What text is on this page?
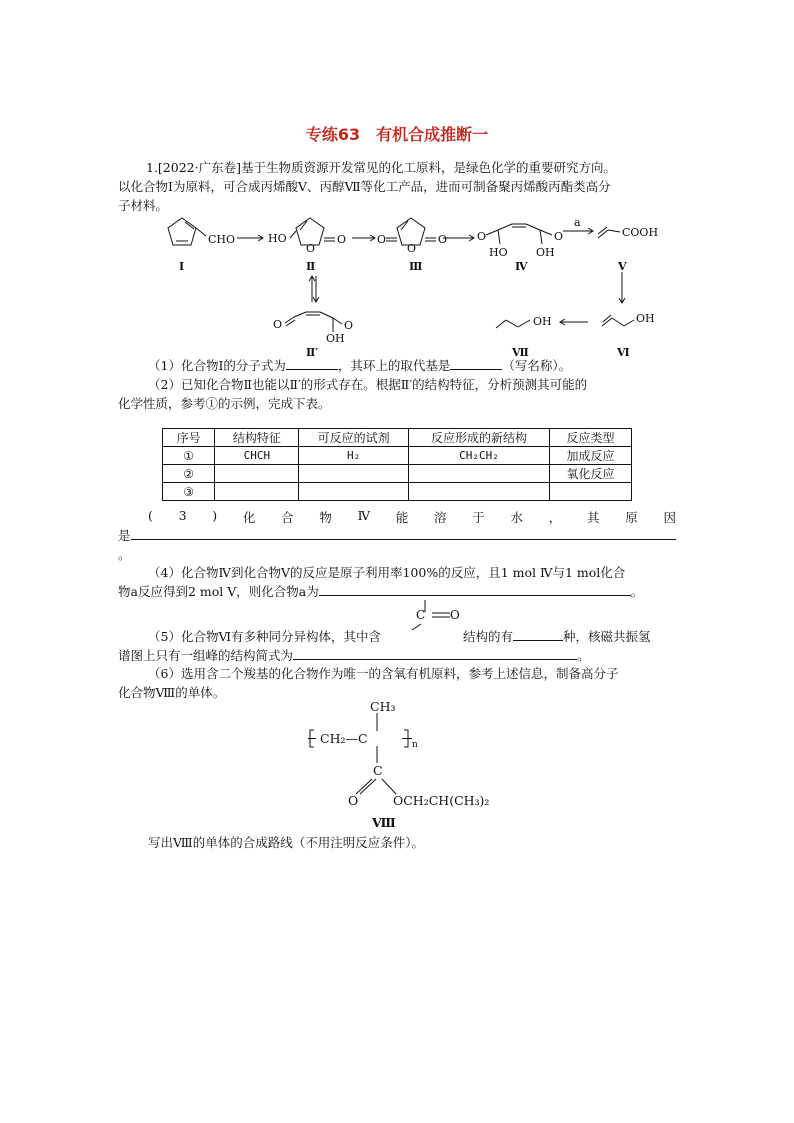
专练63　有机合成推断一
1.[2022·广东卷]基于生物质资源开发常见的化工原料，是绿色化学的重要研究方向。
以化合物Ⅰ为原料，可合成丙烯酸Ⅴ、丙醇Ⅶ等化工产品，进而可制备聚丙烯酸丙酯类高分
子材料。
CHO
Ⅰ
HO
O
O
Ⅱ
O
O
O
Ⅲ
O
HO
O
OH
Ⅳ
a
COOH
Ⅴ
OH
Ⅵ
OH
Ⅶ
O	O
OH
Ⅱ′
（1）化合物Ⅰ的分子式为	，其环上的取代基是	（写名称）。
（2）已知化合物Ⅱ也能以Ⅱ′的形式存在。根据Ⅱ′的结构特征，分析预测其可能的
化学性质，参考①的示例，完成下表。
序号	结构特征	可反应的试剂	反应形成的新结构	反应类型
①	CHCH	H₂	CH₂CH₂	加成反应
②				氧化反应
③				
( 3 ) 化 合 物 Ⅳ 能 溶 于 水 ， 其 原 因
是
。
（4）化合物Ⅳ到化合物Ⅴ的反应是原子利用率100%的反应，且1 mol Ⅳ与1 mol化合
物a反应得到2 mol Ⅴ，则化合物a为	。
C O
（5）化合物Ⅵ有多种同分异构体，其中含	结构的有	种，核磁共振氢
谱图上只有一组峰的结构简式为	。
（6）选用含二个羧基的化合物作为唯一的含氧有机原料，参考上述信息，制备高分子
化合物Ⅷ的单体。
CH₃
CH₂—C	n
C
O	OCH₂CH(CH₃)₂
Ⅷ
写出Ⅷ的单体的合成路线（不用注明反应条件）。
